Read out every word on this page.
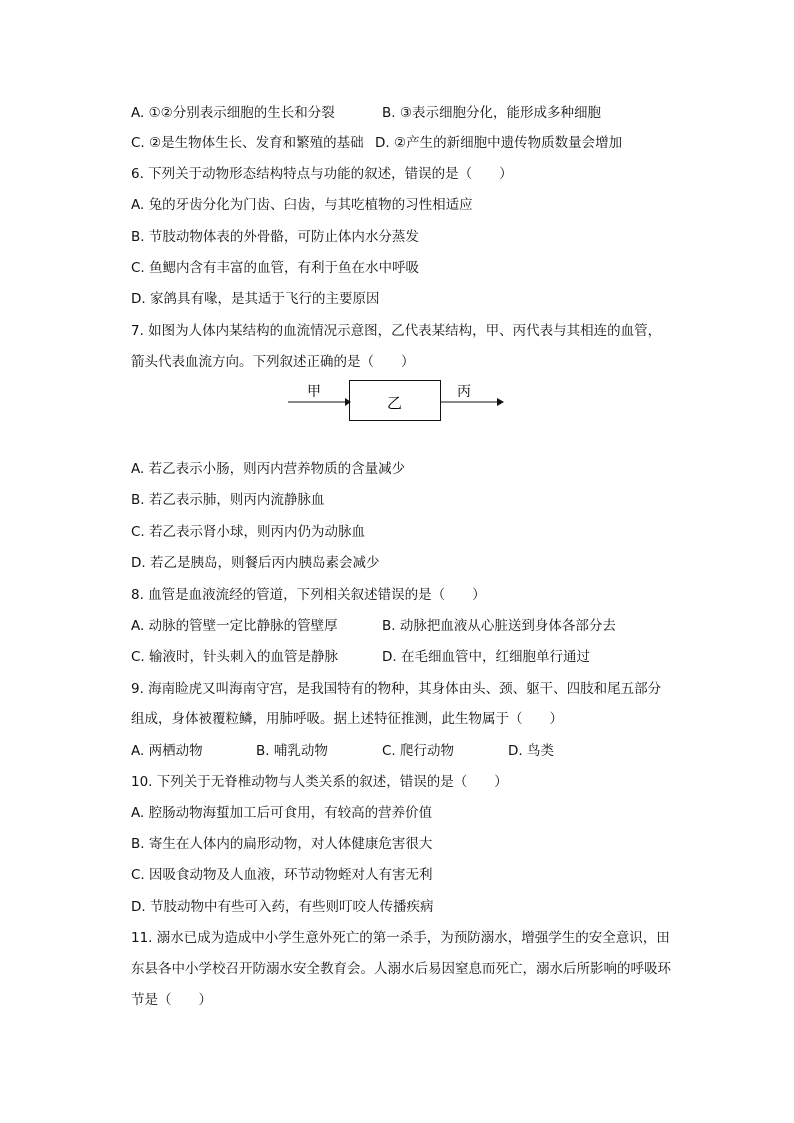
A. ①②分别表示细胞的生长和分裂	B. ③表示细胞分化，能形成多种细胞
C. ②是生物体生长、发育和繁殖的基础 D. ②产生的新细胞中遗传物质数量会增加
6. 下列关于动物形态结构特点与功能的叙述，错误的是（　　）
A. 兔的牙齿分化为门齿、臼齿，与其吃植物的习性相适应
B. 节肢动物体表的外骨骼，可防止体内水分蒸发
C. 鱼鳃内含有丰富的血管，有利于鱼在水中呼吸
D. 家鸽具有喙，是其适于飞行的主要原因
7. 如图为人体内某结构的血流情况示意图，乙代表某结构，甲、丙代表与其相连的血管，
箭头代表血流方向。下列叙述正确的是（　　）
甲
乙
丙
A. 若乙表示小肠，则丙内营养物质的含量减少
B. 若乙表示肺，则丙内流静脉血
C. 若乙表示肾小球，则丙内仍为动脉血
D. 若乙是胰岛，则餐后丙内胰岛素会减少
8. 血管是血液流经的管道，下列相关叙述错误的是（　　）
A. 动脉的管壁一定比静脉的管壁厚	B. 动脉把血液从心脏送到身体各部分去
C. 输液时，针头刺入的血管是静脉	D. 在毛细血管中，红细胞单行通过
9. 海南睑虎又叫海南守宫，是我国特有的物种，其身体由头、颈、躯干、四肢和尾五部分
组成，身体被覆粒鳞，用肺呼吸。据上述特征推测，此生物属于（　　）
A. 两栖动物	B. 哺乳动物	C. 爬行动物	D. 鸟类
10. 下列关于无脊椎动物与人类关系的叙述，错误的是（　　）
A. 腔肠动物海蜇加工后可食用，有较高的营养价值
B. 寄生在人体内的扁形动物，对人体健康危害很大
C. 因吸食动物及人血液，环节动物蛭对人有害无利
D. 节肢动物中有些可入药，有些则叮咬人传播疾病
11. 溺水已成为造成中小学生意外死亡的第一杀手，为预防溺水，增强学生的安全意识，田
东县各中小学校召开防溺水安全教育会。人溺水后易因窒息而死亡，溺水后所影响的呼吸环
节是（　　）
